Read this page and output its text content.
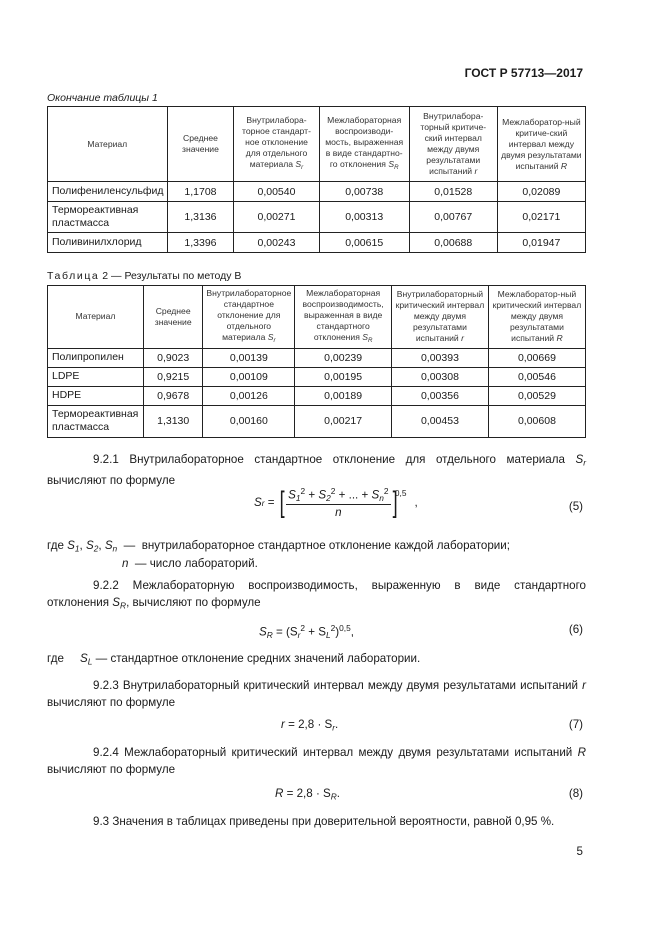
ГОСТ Р 57713—2017
Окончание таблицы 1
Материал	Среднее значение	Внутрилабора-торное стандарт-ное отклонение для отдельного материала $S_r$	Межлабораторная воспроизводи-мость, выраженная в виде стандартно-го отклонения $S_R$	Внутрилабора-торный критиче-ский интервал между двумя результатами испытаний r	Межлаборатор-ный критиче-ский интервал между двумя результатами испытаний R
Полифениленсульфид	1,1708	0,00540	0,00738	0,01528	0,02089
Термореактивная пластмасса	1,3136	0,00271	0,00313	0,00767	0,02171
Поливинилхлорид	1,3396	0,00243	0,00615	0,00688	0,01947
Таблица 2 — Результаты по методу В
Материал	Среднее значение	Внутрилабораторное стандартное отклонение для отдельного материала $S_r$	Межлабораторная воспроизводимость, выраженная в виде стандартного отклонения $S_R$	Внутрилабораторный критический интервал между двумя результатами испытаний r	Межлаборатор-ный критический интервал между двумя результатами испытаний R
Полипропилен	0,9023	0,00139	0,00239	0,00393	0,00669
LDPE	0,9215	0,00109	0,00195	0,00308	0,00546
HDPE	0,9678	0,00126	0,00189	0,00356	0,00529
Термореактивная пластмасса	1,3130	0,00160	0,00217	0,00453	0,00608
9.2.1 Внутрилабораторное стандартное отклонение для отдельного материала $S_r$ вычисляют по формуле
S r
=
[ $S_1^2 + S_2^2$ + ... + $S_n^2$
n ]
0,5
,	(5)
где $S_1$, $S_2$, $S_n$ — внутрилабораторное стандартное отклонение каждой лаборатории;
n — число лабораторий.
9.2.2 Межлабораторную воспроизводимость, выраженную в виде стандартного отклонения $S_R$, вычисляют по формуле
$S_R = (S_r^2 + S_L^2)^{0,5}$,	(6)
где $S_L$ — стандартное отклонение средних значений лаборатории.
9.2.3 Внутрилабораторный критический интервал между двумя результатами испытаний r вычисляют по формуле
$r = 2,8 \cdot S_r$.	(7)
9.2.4 Межлабораторный критический интервал между двумя результатами испытаний R вычисляют по формуле
$R = 2,8 \cdot S_R$.	(8)
9.3 Значения в таблицах приведены при доверительной вероятности, равной 0,95 %.
5
